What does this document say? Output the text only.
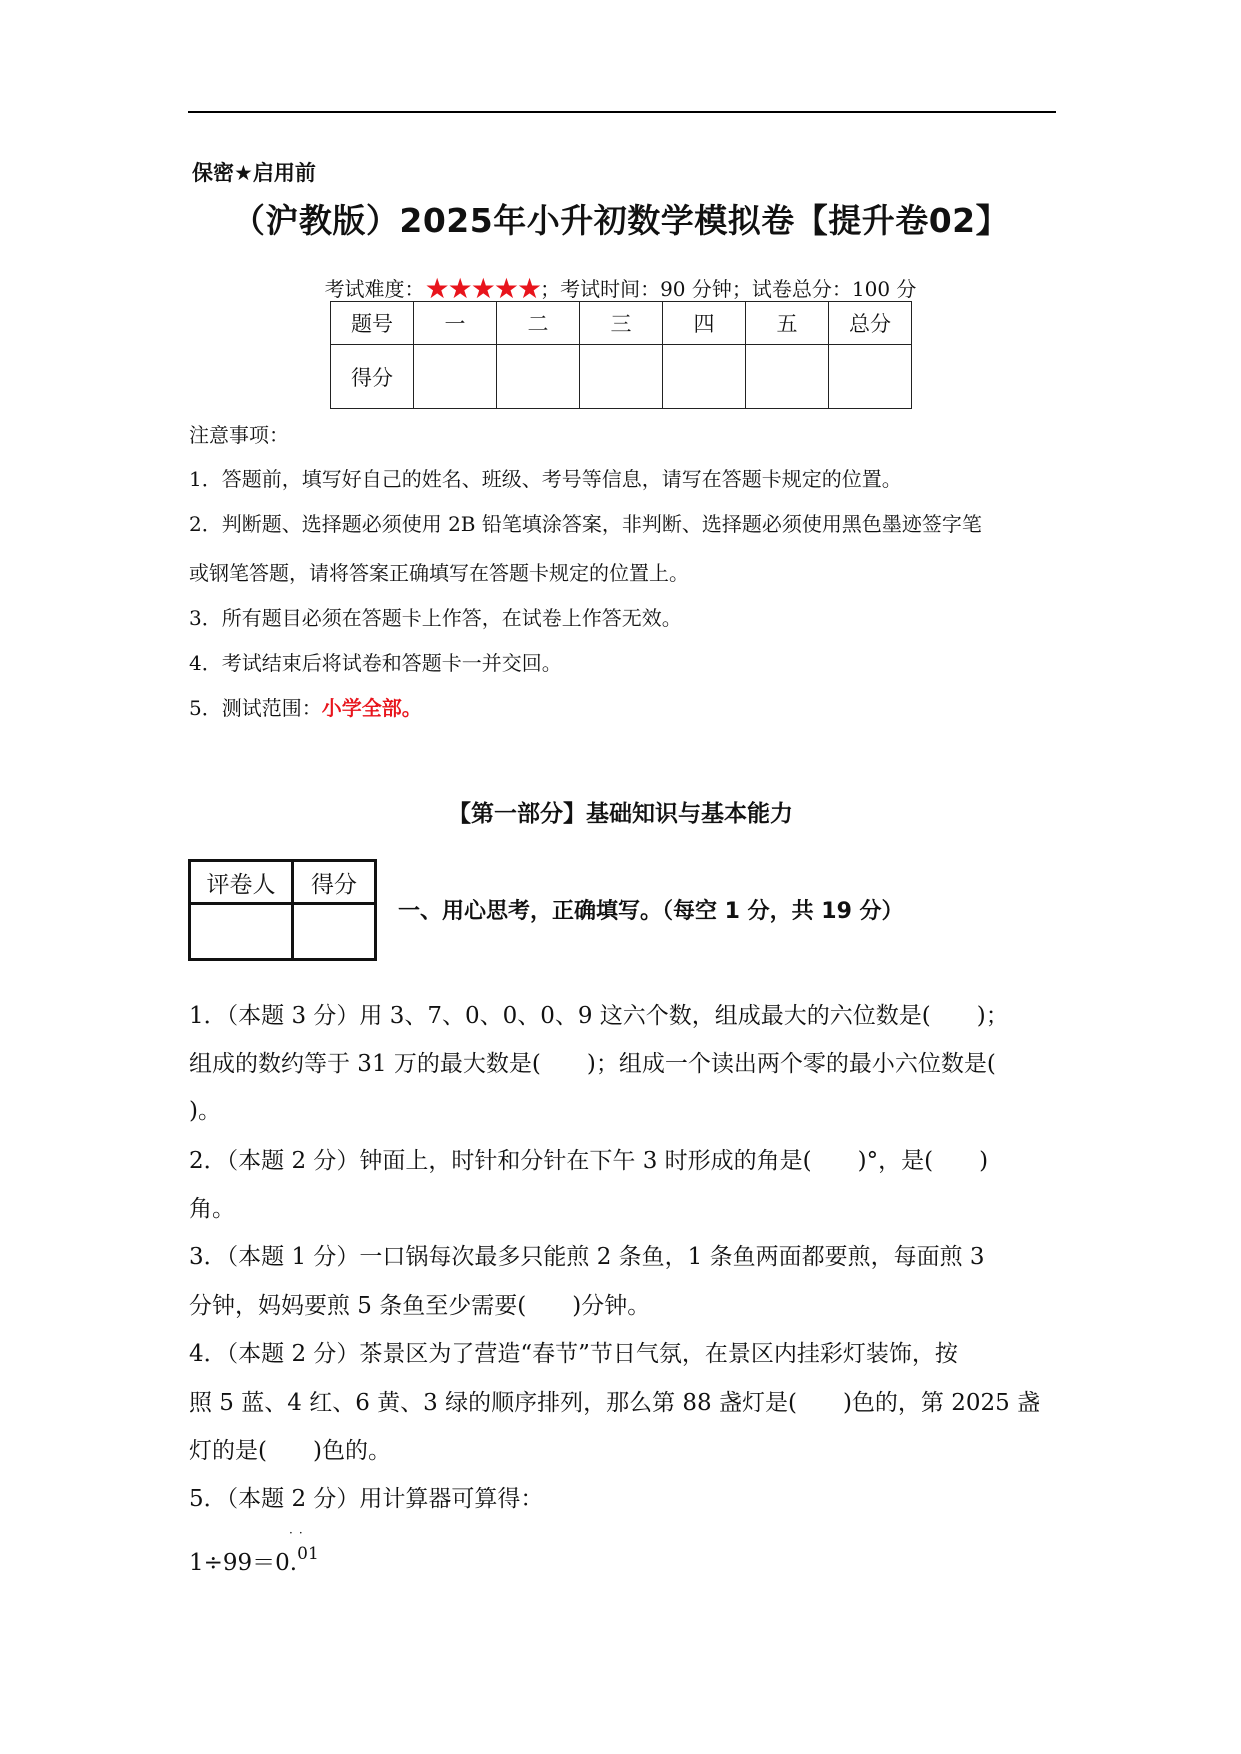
保密★启用前
（沪教版）2025年小升初数学模拟卷【提升卷02】
考试难度：★★★★★；考试时间：90 分钟；试卷总分：100 分
题号	一	二	三	四	五	总分
得分						
注意事项：
1．答题前，填写好自己的姓名、班级、考号等信息，请写在答题卡规定的位置。
2．判断题、选择题必须使用 2B 铅笔填涂答案，非判断、选择题必须使用黑色墨迹签字笔
或钢笔答题，请将答案正确填写在答题卡规定的位置上。
3．所有题目必须在答题卡上作答，在试卷上作答无效。
4．考试结束后将试卷和答题卡一并交回。
5．测试范围：小学全部。
【第一部分】基础知识与基本能力
评卷人	得分

一、用心思考，正确填写。（每空 1 分，共 19 分）
1．（本题 3 分）用 3、7、0、0、0、9 这六个数，组成最大的六位数是(　　)；
组成的数约等于 31 万的最大数是(　　)；组成一个读出两个零的最小六位数是(
)。
2．（本题 2 分）钟面上，时针和分针在下午 3 时形成的角是(　　)°，是(　　)
角。
3．（本题 1 分）一口锅每次最多只能煎 2 条鱼，1 条鱼两面都要煎，每面煎 3
分钟，妈妈要煎 5 条鱼至少需要(　　)分钟。
4．（本题 2 分）茶景区为了营造“春节”节日气氛，在景区内挂彩灯装饰，按
照 5 蓝、4 红、6 黄、3 绿的顺序排列，那么第 88 盏灯是(　　)色的，第 2025 盏
灯的是(　　)色的。
5．（本题 2 分）用计算器可算得：
··
1÷99＝0.01
